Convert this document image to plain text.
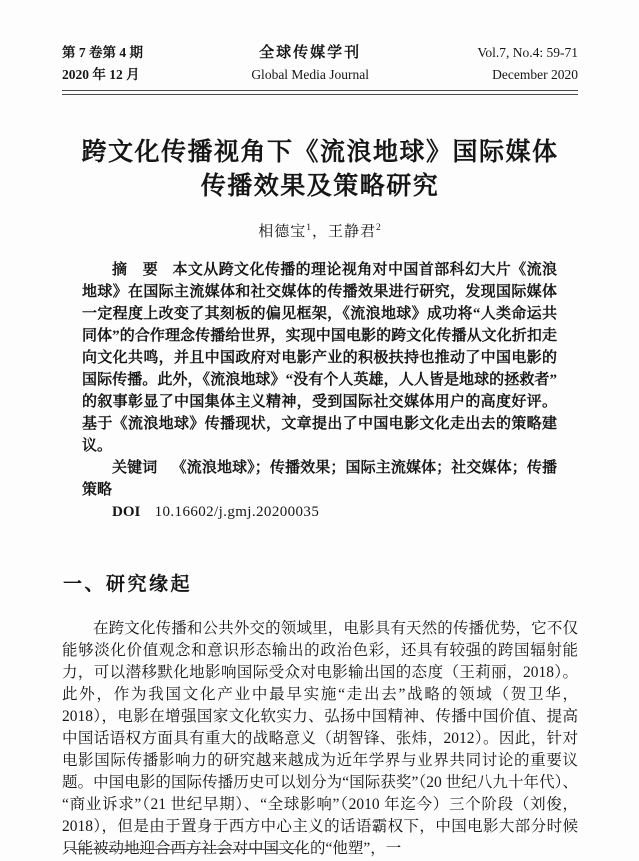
第 7 卷第 4 期
2020 年 12 月
全球传媒学刊
Global Media Journal
Vol.7, No.4: 59-71
December 2020
跨文化传播视角下《流浪地球》国际媒体
传播效果及策略研究
相德宝$^1$，王静君$^2$

摘　要 本文从跨文化传播的理论视角对中国首部科幻大片《流浪地球》在国际主流媒体和社交媒体的传播效果进行研究，发现国际媒体一定程度上改变了其刻板的偏见框架，《流浪地球》成功将“人类命运共同体”的合作理念传播给世界，实现中国电影的跨文化传播从文化折扣走向文化共鸣，并且中国政府对电影产业的积极扶持也推动了中国电影的国际传播。此外，《流浪地球》“没有个人英雄，人人皆是地球的拯救者”的叙事彰显了中国集体主义精神，受到国际社交媒体用户的高度好评。基于《流浪地球》传播现状，文章提出了中国电影文化走出去的策略建议。

关键词 《流浪地球》；传播效果；国际主流媒体；社交媒体；传播策略

DOI 10.16602/j.gmj.20200035

一、研究缘起

在跨文化传播和公共外交的领域里，电影具有天然的传播优势，它不仅能够淡化价值观念和意识形态输出的政治色彩，还具有较强的跨国辐射能力，可以潜移默化地影响国际受众对电影输出国的态度（王莉丽，2018）。此外，作为我国文化产业中最早实施“走出去”战略的领域（贺卫华，2018），电影在增强国家文化软实力、弘扬中国精神、传播中国价值、提高中国话语权方面具有重大的战略意义（胡智锋、张炜，2012）。因此，针对电影国际传播影响力的研究越来越成为近年学界与业界共同讨论的重要议题。中国电影的国际传播历史可以划分为“国际获奖”（20 世纪八九十年代）、“商业诉求”（21 世纪早期）、“全球影响”（2010 年迄今）三个阶段（刘俊，2018），但是由于置身于西方中心主义的话语霸权下，中国电影大部分时候只能被动地迎合西方社会对中国文化的“他塑”，一
